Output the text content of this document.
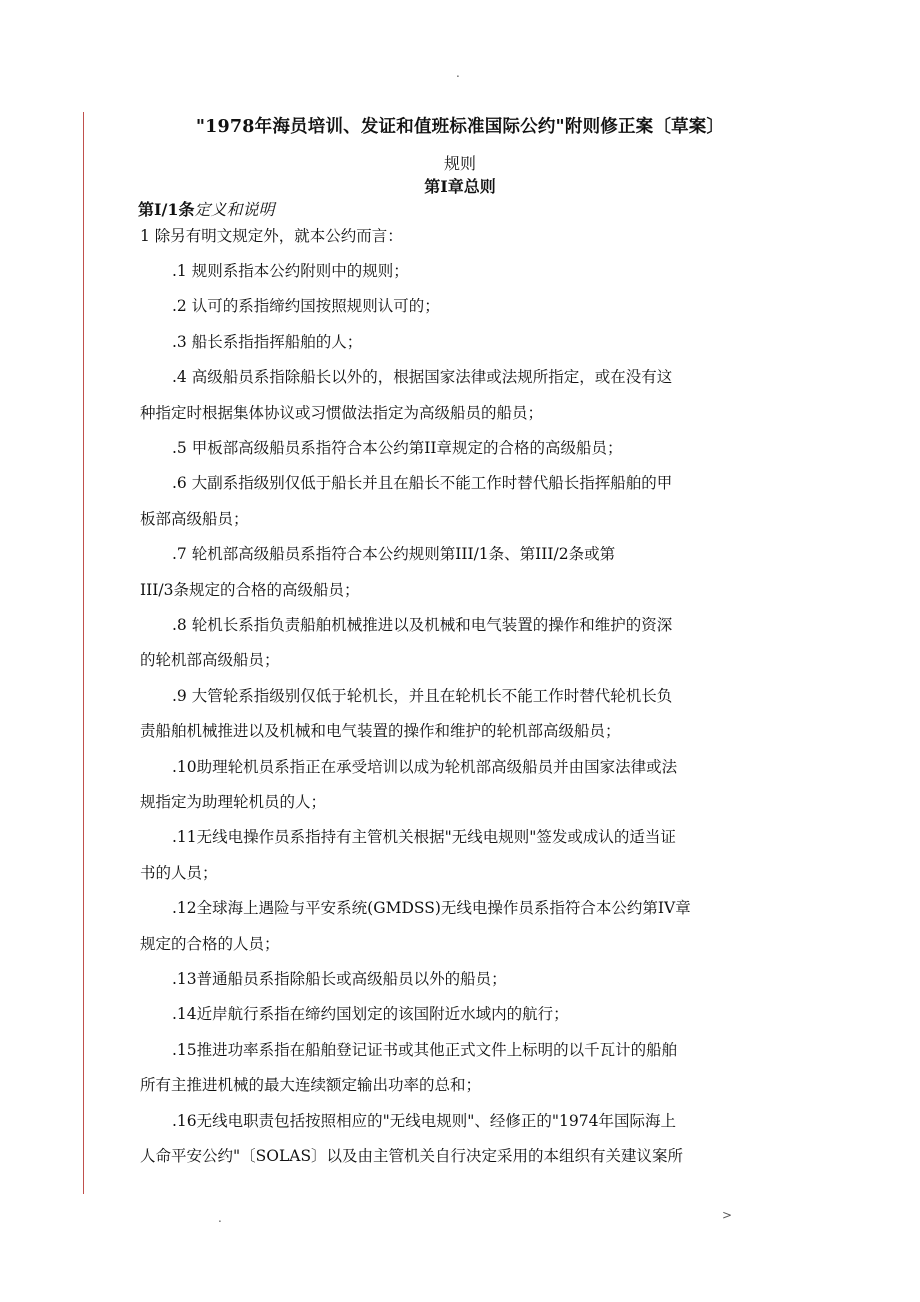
.
"1978年海员培训、发证和值班标准国际公约"附则修正案〔草案〕
规则
第I章总则
第I/1条定义和说明
1 除另有明文规定外，就本公约而言：
.1 规则系指本公约附则中的规则；
.2 认可的系指缔约国按照规则认可的；
.3 船长系指指挥船舶的人；
.4 高级船员系指除船长以外的，根据国家法律或法规所指定，或在没有这
种指定时根据集体协议或习惯做法指定为高级船员的船员；
.5 甲板部高级船员系指符合本公约第II章规定的合格的高级船员；
.6 大副系指级别仅低于船长并且在船长不能工作时替代船长指挥船舶的甲
板部高级船员；
.7 轮机部高级船员系指符合本公约规则第III/1条、第III/2条或第
III/3条规定的合格的高级船员；
.8 轮机长系指负责船舶机械推进以及机械和电气装置的操作和维护的资深
的轮机部高级船员；
.9 大管轮系指级别仅低于轮机长，并且在轮机长不能工作时替代轮机长负
责船舶机械推进以及机械和电气装置的操作和维护的轮机部高级船员；
.10助理轮机员系指正在承受培训以成为轮机部高级船员并由国家法律或法
规指定为助理轮机员的人；
.11无线电操作员系指持有主管机关根据"无线电规则"签发或成认的适当证
书的人员；
.12全球海上遇险与平安系统(GMDSS)无线电操作员系指符合本公约第IV章
规定的合格的人员；
.13普通船员系指除船长或高级船员以外的船员；
.14近岸航行系指在缔约国划定的该国附近水域内的航行；
.15推进功率系指在船舶登记证书或其他正式文件上标明的以千瓦计的船舶
所有主推进机械的最大连续额定输出功率的总和；
.16无线电职责包括按照相应的"无线电规则"、经修正的"1974年国际海上
人命平安公约"〔SOLAS〕以及由主管机关自行决定采用的本组织有关建议案所
.	>
